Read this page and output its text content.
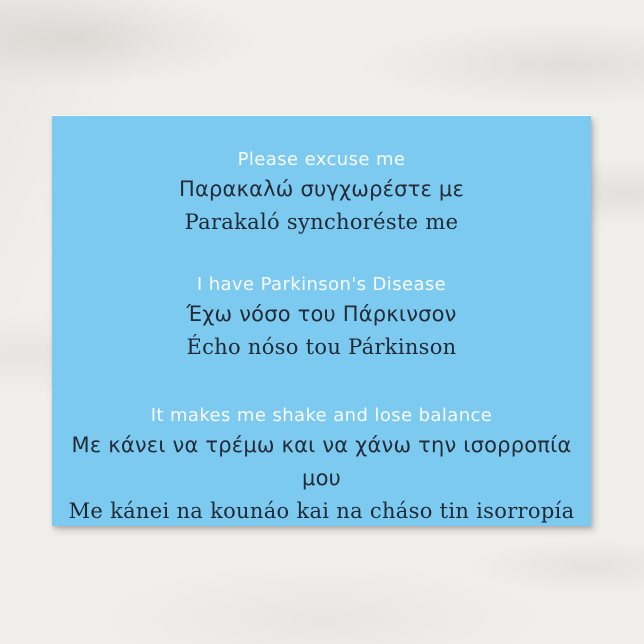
Please excuse me
Παρακαλώ συγχωρέστε με
Parakaló synchoréste me
I have Parkinson's Disease
Έχω νόσο του Πάρκινσον
Écho nóso tou Párkinson
It makes me shake and lose balance
Με κάνει να τρέμω και να χάνω την ισορροπία μου
Me kánei na kounáo kai na cháso tin isorropía
